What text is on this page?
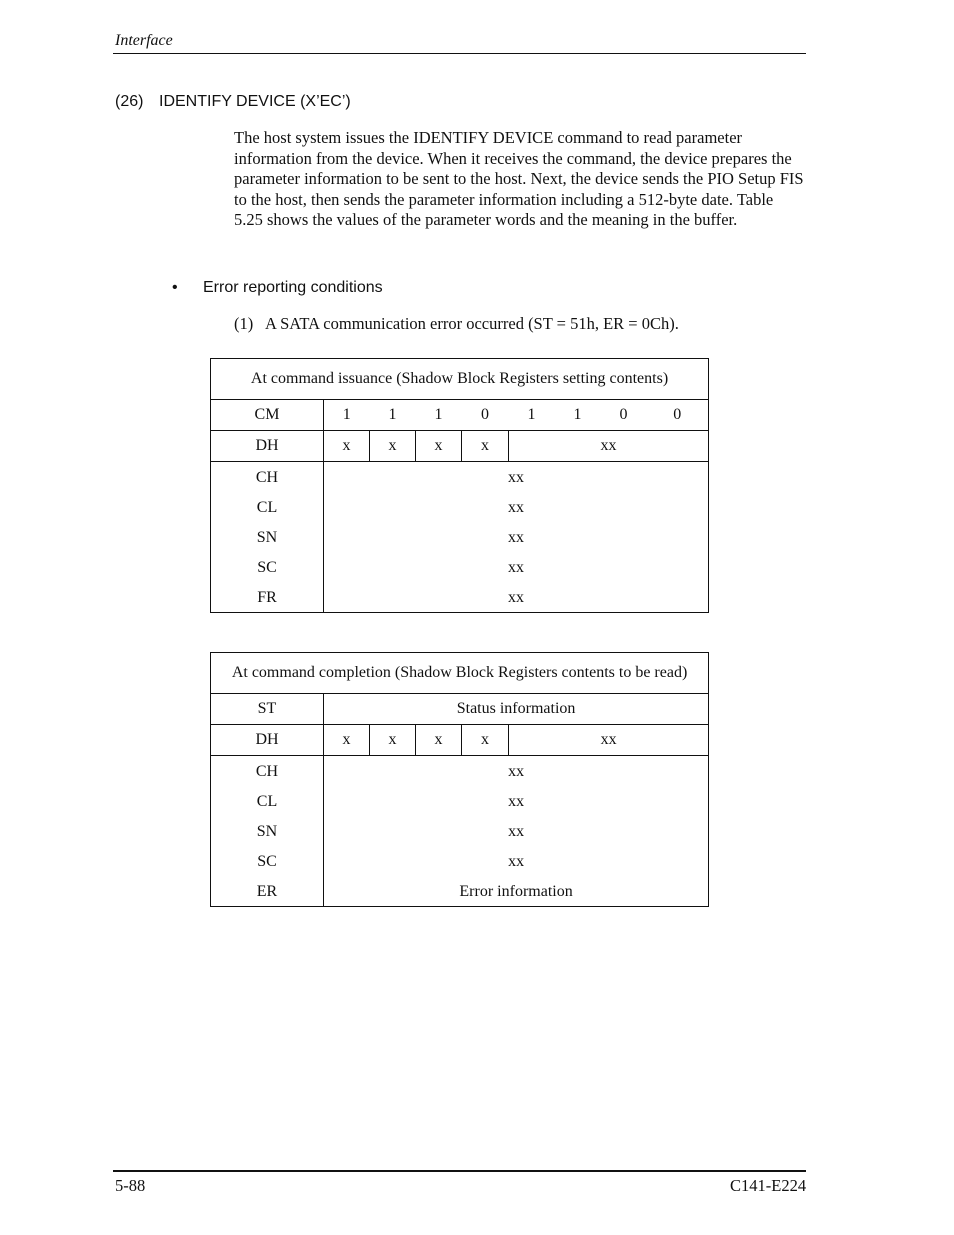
Interface
(26) IDENTIFY DEVICE (X’EC’)
The host system issues the IDENTIFY DEVICE command to read parameter information from the device. When it receives the command, the device prepares the parameter information to be sent to the host. Next, the device sends the PIO Setup FIS to the host, then sends the parameter information including a 512-byte date. Table 5.25 shows the values of the parameter words and the meaning in the buffer.
• Error reporting conditions
(1) A SATA communication error occurred (ST = 51h, ER = 0Ch).
At command issuance (Shadow Block Registers setting contents)								
CM	1	1	1	0	1	1	0	0
DH	x	x	x	x	xx			
CH	xx							
CL	xx							
SN	xx							
SC	xx							
FR	xx							
At command completion (Shadow Block Registers contents to be read)					
ST	Status information				
DH	x	x	x	x	xx
CH	xx				
CL	xx				
SN	xx				
SC	xx				
ER	Error information				
5-88	C141-E224
